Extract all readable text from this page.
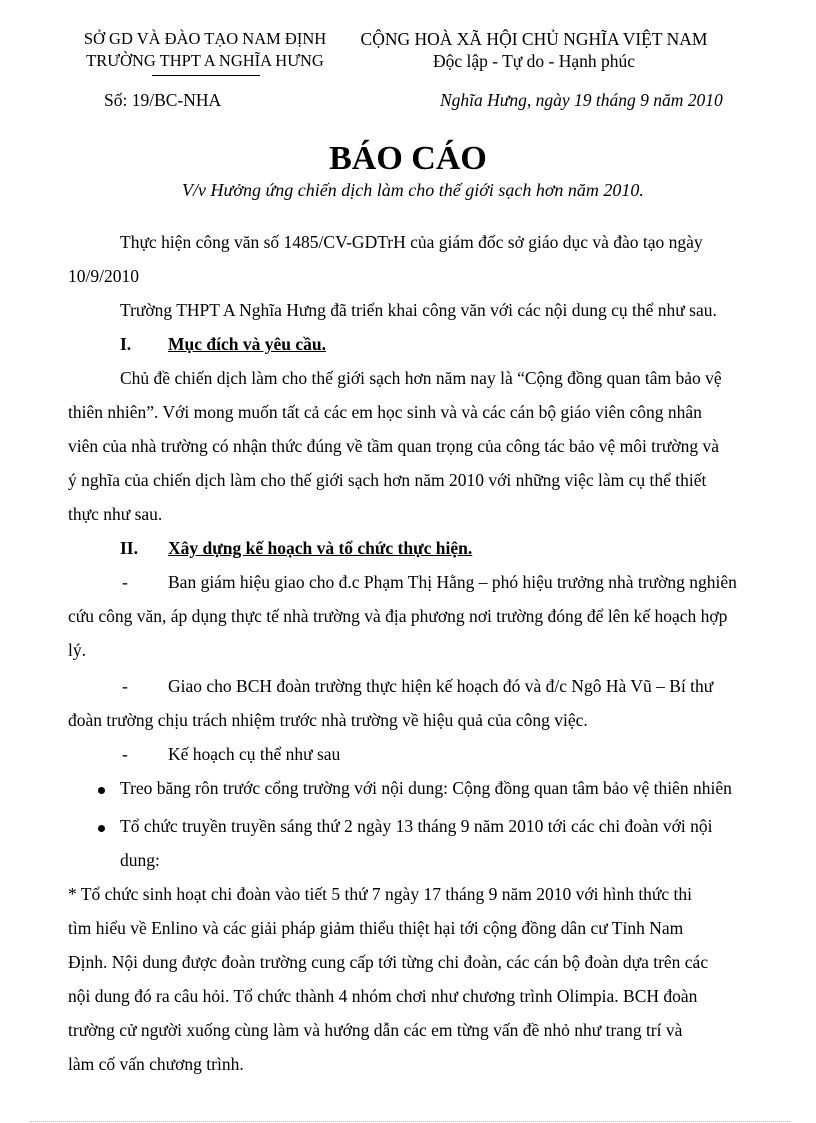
SỞ GD VÀ ĐÀO TẠO NAM ĐỊNH
TRƯỜNG THPT A NGHĨA HƯNG
CỘNG HOÀ XÃ HỘI CHỦ NGHĨA VIỆT NAM
Độc lập - Tự do - Hạnh phúc
Số: 19/BC-NHA	Nghĩa Hưng, ngày 19 tháng 9 năm 2010
BÁO CÁO
V/v Hưởng ứng chiến dịch làm cho thế giới sạch hơn năm 2010.
Thực hiện công văn số 1485/CV-GDTrH của giám đốc sở giáo dục và đào tạo ngày
10/9/2010
Trường THPT A Nghĩa Hưng đã triển khai công văn với các nội dung cụ thể như sau.
I. Mục đích và yêu cầu.
Chủ đề chiến dịch làm cho thế giới sạch hơn năm nay là “Cộng đồng quan tâm bảo vệ
thiên nhiên”. Với mong muốn tất cả các em học sinh và và các cán bộ giáo viên công nhân
viên của nhà trường có nhận thức đúng về tầm quan trọng của công tác bảo vệ môi trường và
ý nghĩa của chiến dịch làm cho thế giới sạch hơn năm 2010 với những việc làm cụ thể thiết
thực như sau.
II. Xây dựng kế hoạch và tổ chức thực hiện.
- Ban giám hiệu giao cho đ.c Phạm Thị Hằng – phó hiệu trưởng nhà trường nghiên
cứu công văn, áp dụng thực tế nhà trường và địa phương nơi trường đóng để lên kế hoạch hợp
lý.
- Giao cho BCH đoàn trường thực hiện kế hoạch đó và đ/c Ngô Hà Vũ – Bí thư
đoàn trường chịu trách nhiệm trước nhà trường về hiệu quả của công việc.
- Kế hoạch cụ thể như sau
Treo băng rôn trước cổng trường với nội dung: Cộng đồng quan tâm bảo vệ thiên nhiên
Tổ chức truyền truyền sáng thứ 2 ngày 13 tháng 9 năm 2010 tới các chi đoàn với nội
dung:
* Tổ chức sinh hoạt chi đoàn vào tiết 5 thứ 7 ngày 17 tháng 9 năm 2010 với hình thức thi
tìm hiểu về Enlino và các giải pháp giảm thiểu thiệt hại tới cộng đồng dân cư Tỉnh Nam
Định. Nội dung được đoàn trường cung cấp tới từng chi đoàn, các cán bộ đoàn dựa trên các
nội dung đó ra câu hỏi. Tổ chức thành 4 nhóm chơi như chương trình Olimpia. BCH đoàn
trường cử người xuống cùng làm và hướng dẫn các em từng vấn đề nhỏ như trang trí và
làm cố vấn chương trình.
